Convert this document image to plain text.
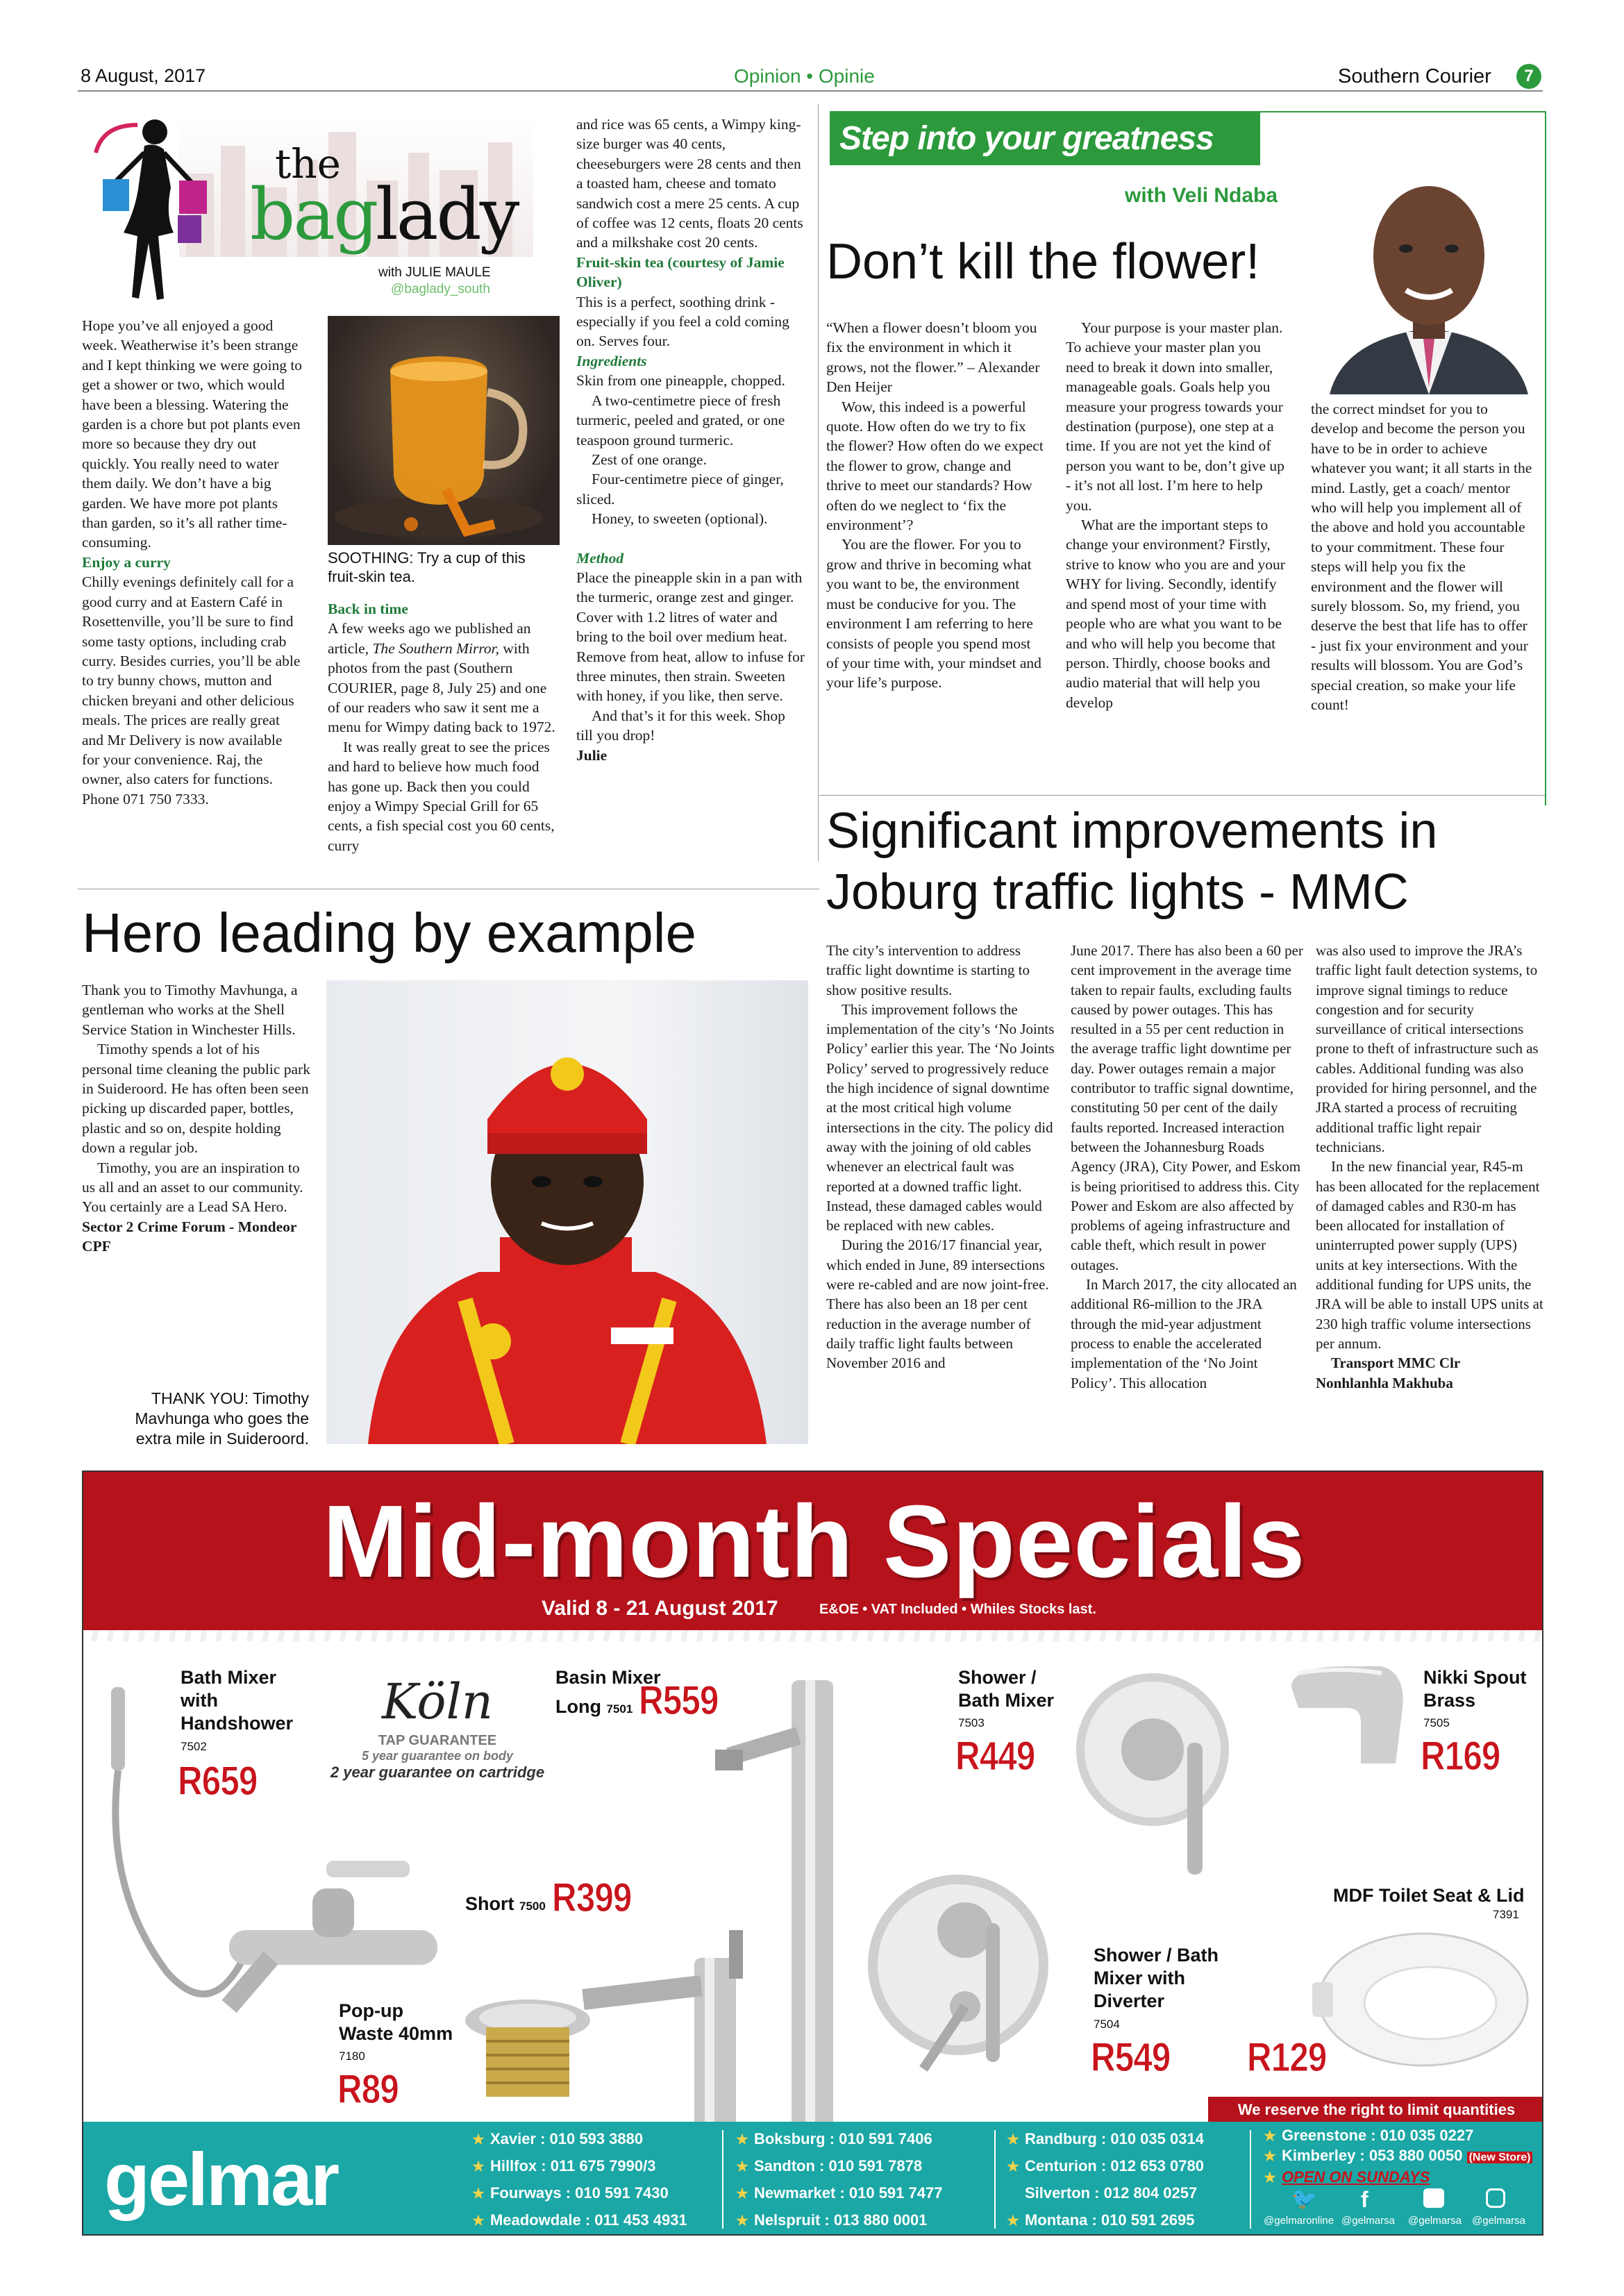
8 August, 2017	Opinion • Opinie	Southern Courier	7
the
bag
lady
with JULIE MAULE
@baglady_south

Hope you’ve all enjoyed a good week. Weatherwise it’s been strange and I kept thinking we were going to get a shower or two, which would have been a blessing. Watering the garden is a chore but pot plants even more so because they dry out quickly. You really need to water them daily. We don’t have a big garden. We have more pot plants than garden, so it’s all rather time-consuming.

Enjoy a curry

Chilly evenings definitely call for a good curry and at Eastern Café in Rosettenville, you’ll be sure to find some tasty options, including crab curry. Besides curries, you’ll be able to try bunny chows, mutton and chicken breyani and other delicious meals. The prices are really great and Mr Delivery is now available for your convenience. Raj, the owner, also caters for functions. Phone 071 750 7333.

SOOTHING: Try a cup of this fruit-skin tea.

Back in time

A few weeks ago we published an article, The Southern Mirror, with photos from the past (Southern COURIER, page 8, July 25) and one of our readers who saw it sent me a menu for Wimpy dating back to 1972.

It was really great to see the prices and hard to believe how much food has gone up. Back then you could enjoy a Wimpy Special Grill for 65 cents, a fish special cost you 60 cents, curry

and rice was 65 cents, a Wimpy king-size burger was 40 cents, cheeseburgers were 28 cents and then a toasted ham, cheese and tomato sandwich cost a mere 25 cents. A cup of coffee was 12 cents, floats 20 cents and a milkshake cost 20 cents.

Fruit-skin tea (courtesy of Jamie Oliver)

This is a perfect, soothing drink - especially if you feel a cold coming on. Serves four.

Ingredients

Skin from one pineapple, chopped.

A two-centimetre piece of fresh turmeric, peeled and grated, or one teaspoon ground turmeric.

Zest of one orange.

Four-centimetre piece of ginger, sliced.

Honey, to sweeten (optional).

Method

Place the pineapple skin in a pan with the turmeric, orange zest and ginger. Cover with 1.2 litres of water and bring to the boil over medium heat. Remove from heat, allow to infuse for three minutes, then strain. Sweeten with honey, if you like, then serve.

And that’s it for this week. Shop till you drop!

Julie

Step into your greatness
with Veli Ndaba
Don’t kill the flower!

“When a flower doesn’t bloom you fix the environment in which it grows, not the flower.” – Alexander Den Heijer

Wow, this indeed is a powerful quote. How often do we try to fix the flower? How often do we expect the flower to grow, change and thrive to meet our standards? How often do we neglect to ‘fix the environment’?

You are the flower. For you to grow and thrive in becoming what you want to be, the environment must be conducive for you. The environment I am referring to here consists of people you spend most of your time with, your mindset and your life’s purpose.

Your purpose is your master plan. To achieve your master plan you need to break it down into smaller, manageable goals. Goals help you measure your progress towards your destination (purpose), one step at a time. If you are not yet the kind of person you want to be, don’t give up - it’s not all lost. I’m here to help you.

What are the important steps to change your environment? Firstly, strive to know who you are and your WHY for living. Secondly, identify and spend most of your time with people who are what you want to be and who will help you become that person. Thirdly, choose books and audio material that will help you develop

the correct mindset for you to develop and become the person you have to be in order to achieve whatever you want; it all starts in the mind. Lastly, get a coach/ mentor who will help you implement all of the above and hold you accountable to your commitment. These four steps will help you fix the environment and the flower will surely blossom. So, my friend, you deserve the best that life has to offer - just fix your environment and your results will blossom. You are God’s special creation, so make your life count!

Hero leading by example

Thank you to Timothy Mavhunga, a gentleman who works at the Shell Service Station in Winchester Hills.

Timothy spends a lot of his personal time cleaning the public park in Suideroord. He has often been seen picking up discarded paper, bottles, plastic and so on, despite holding down a regular job.

Timothy, you are an inspiration to us all and an asset to our community. You certainly are a Lead SA Hero.

Sector 2 Crime Forum - Mondeor CPF

THANK YOU: Timothy Mavhunga who goes the extra mile in Suideroord.
Significant improvements in
Joburg traffic lights - MMC

The city’s intervention to address traffic light downtime is starting to show positive results.

This improvement follows the implementation of the city’s ‘No Joints Policy’ earlier this year. The ‘No Joints Policy’ served to progressively reduce the high incidence of signal downtime at the most critical high volume intersections in the city. The policy did away with the joining of old cables whenever an electrical fault was reported at a downed traffic light. Instead, these damaged cables would be replaced with new cables.

During the 2016/17 financial year, which ended in June, 89 intersections were re-cabled and are now joint-free. There has also been an 18 per cent reduction in the average number of daily traffic light faults between November 2016 and

June 2017. There has also been a 60 per cent improvement in the average time taken to repair faults, excluding faults caused by power outages. This has resulted in a 55 per cent reduction in the average traffic light downtime per day. Power outages remain a major contributor to traffic signal downtime, constituting 50 per cent of the daily faults reported. Increased interaction between the Johannesburg Roads Agency (JRA), City Power, and Eskom is being prioritised to address this. City Power and Eskom are also affected by problems of ageing infrastructure and cable theft, which result in power outages.

In March 2017, the city allocated an additional R6-million to the JRA through the mid-year adjustment process to enable the accelerated implementation of the ‘No Joint Policy’. This allocation

was also used to improve the JRA’s traffic light fault detection systems, to improve signal timings to reduce congestion and for security surveillance of critical intersections prone to theft of infrastructure such as cables. Additional funding was also provided for hiring personnel, and the JRA started a process of recruiting additional traffic light repair technicians.

In the new financial year, R45-m has been allocated for the replacement of damaged cables and R30-m has been allocated for installation of uninterrupted power supply (UPS) units at key intersections. With the additional funding for UPS units, the JRA will be able to install UPS units at 230 high traffic volume intersections per annum.

Transport MMC Clr

Nonhlanhla Makhuba

Mid-month Specials
Valid 8 - 21 August 2017	E&OE • VAT Included • Whiles Stocks last.
Bath Mixer
with
Handshower
7502
R659
Köln
TAP GUARANTEE
5 year guarantee on body
2 year guarantee on cartridge
Basin Mixer
Long 7501 R559
Short 7500 R399
Pop-up
Waste 40mm
7180
R89
Shower /
Bath Mixer
7503
R449
Nikki Spout
Brass
7505
R169
Shower / Bath
Mixer with
Diverter
7504
R549
MDF Toilet Seat & Lid
7391
R129
We reserve the right to limit quantities
gelmar	★ Xavier : 010 593 3880
★ Hillfox : 011 675 7990/3
★ Fourways : 010 591 7430
★ Meadowdale : 011 453 4931
★ Boksburg : 010 591 7406
★ Sandton : 010 591 7878
★ Newmarket : 010 591 7477
★ Nelspruit : 013 880 0001
★ Randburg : 010 035 0314
★ Centurion : 012 653 0780
Silverton : 012 804 0257
★ Montana : 010 591 2695
★ Greenstone : 010 035 0227
★ Kimberley : 053 880 0050 (New Store)
★ OPEN ON SUNDAYS
🐦 f
@gelmaronline @gelmarsa @gelmarsa @gelmarsa
